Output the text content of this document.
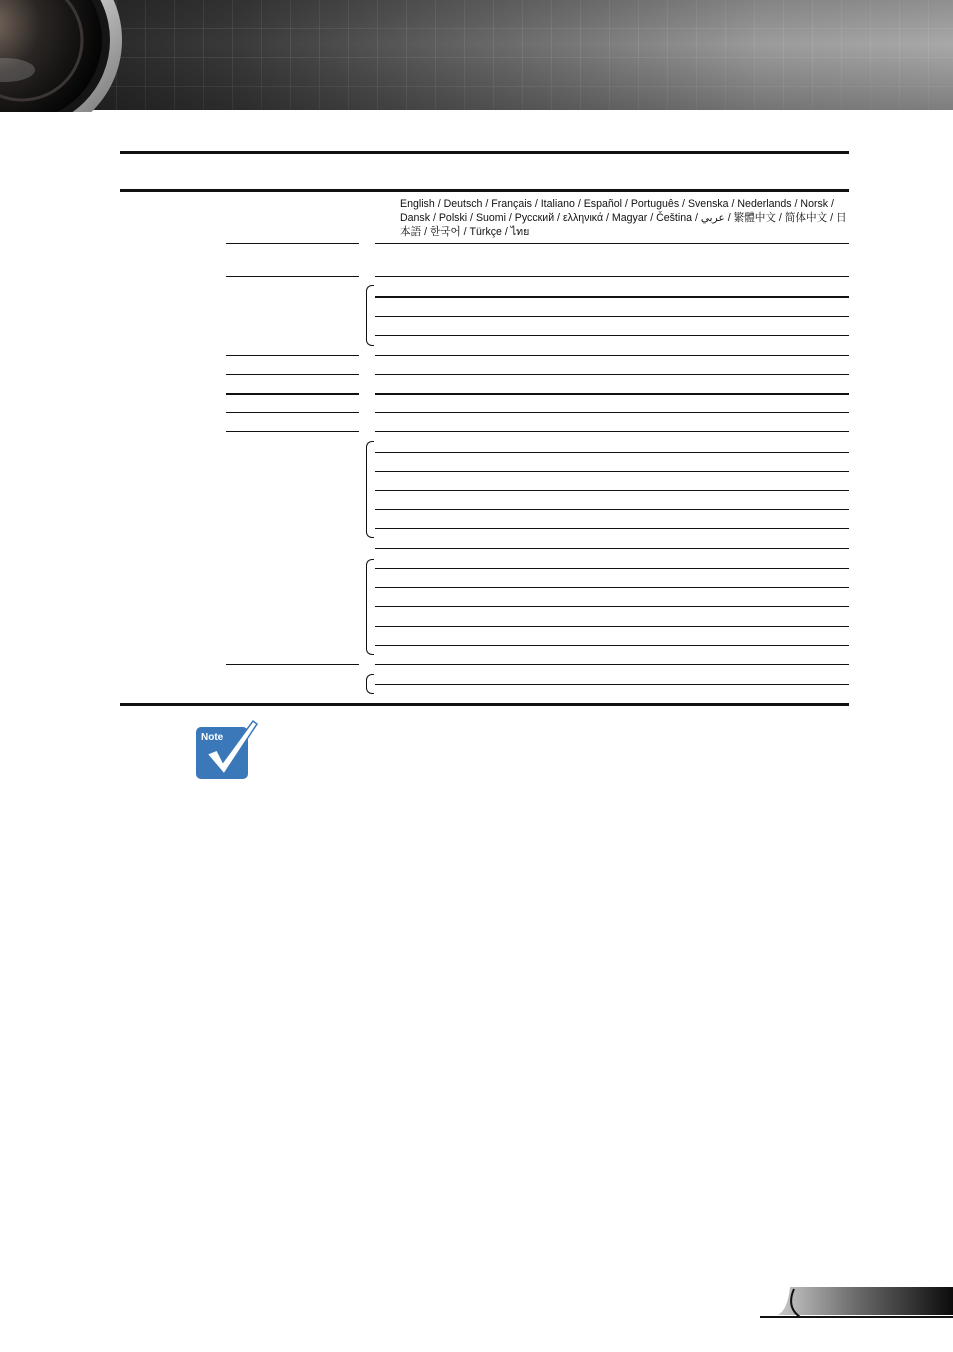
English / Deutsch / Français / Italiano / Español / Português / Svenska / Nederlands / Norsk / Dansk / Polski / Suomi / Русский / ελληνικά / Magyar / Čeština / عربي / 繁體中文 / 简体中文 / 日本語 / 한국어 / Türkçe / ไทย

Note
